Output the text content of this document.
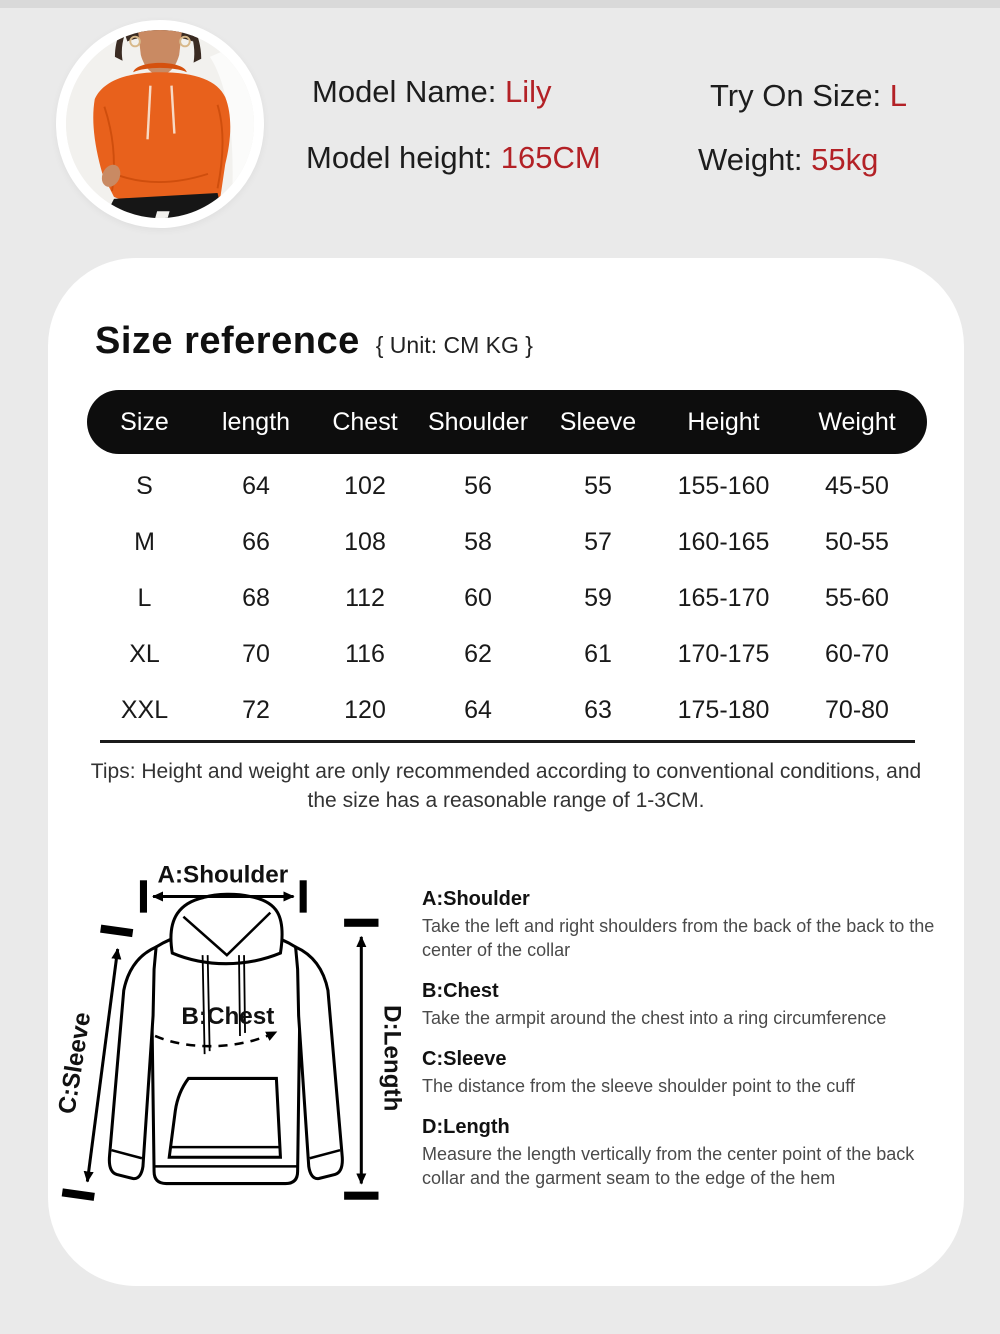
Model Name: Lily	Try On Size: L
Model height: 165CM	Weight: 55kg
Size reference { Unit: CM KG }
Size	length	Chest	Shoulder	Sleeve	Height	Weight
S	64	102	56	55	155-160	45-50
M	66	108	58	57	160-165	50-55
L	68	112	60	59	165-170	55-60
XL	70	116	62	61	170-175	60-70
XXL	72	120	64	63	175-180	70-80
Tips: Height and weight are only recommended according to conventional conditions, and the size has a reasonable range of 1-3CM.
A:Shoulder
B:Chest
C:Sleeve	D:Length
A:Shoulder

Take the left and right shoulders from the back of the back to the center of the collar

B:Chest

Take the armpit around the chest into a ring circumference

C:Sleeve

The distance from the sleeve shoulder point to the cuff

D:Length

Measure the length vertically from the center point of the back collar and the garment seam to the edge of the hem
